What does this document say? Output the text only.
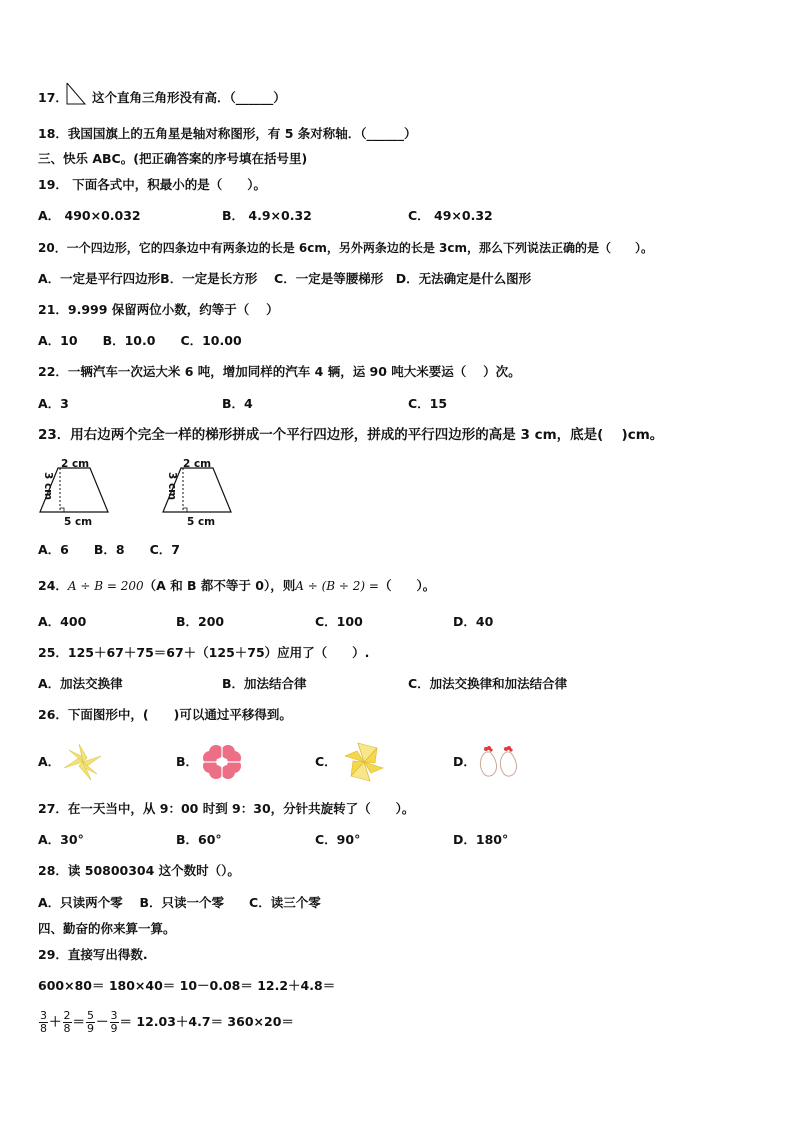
17． 这个直角三角形没有高．（______）
18．我国国旗上的五角星是轴对称图形，有 5 条对称轴．（______）
三、快乐 ABC。(把正确答案的序号填在括号里)
19． 下面各式中，积最小的是（　　）。
A． 490×0.032	B． 4.9×0.32	C． 49×0.32
20．一个四边形，它的四条边中有两条边的长是 6cm，另外两条边的长是 3cm，那么下列说法正确的是（　　）。
A．一定是平行四边形B．一定是长方形　 C．一定是等腰梯形　D．无法确定是什么图形
21．9.999 保留两位小数，约等于（　 ）
A．10　　B．10.0　　C．10.00
22．一辆汽车一次运大米 6 吨，增加同样的汽车 4 辆，运 90 吨大米要运（　 ）次。
A．3	B．4	C．15
23．用右边两个完全一样的梯形拼成一个平行四边形，拼成的平行四边形的高是 3 cm，底是(　 )cm。
2 cm
3 cm
5 cm
2 cm
3 cm
5 cm
A．6　　B．8　　C．7
24．A ÷ B = 200（A 和 B 都不等于 0），则A ÷ (B ÷ 2) =（　　）。
A．400	B．200	C．100	D．40
25．125＋67＋75＝67＋（125＋75）应用了（　　）.
A．加法交换律	B．加法结合律	C．加法交换律和加法结合律
26．下面图形中，(　　)可以通过平移得到。
A．	B．	C．	D．
27．在一天当中，从 9：00 时到 9：30，分针共旋转了（　　）。
A．30°	B．60°	C．90°	D．180°
28．读 50800304 这个数时（）。
A．只读两个零　 B．只读一个零　　C．读三个零
四、勤奋的你来算一算。
29．直接写出得数.
600×80＝ 180×40＝ 10－0.08＝ 12.2＋4.8＝
$\frac{3}{8} + \frac{2}{8} = \frac{5}{9} - \frac{3}{9} = 12.03+4.7= 360\times 20=$
